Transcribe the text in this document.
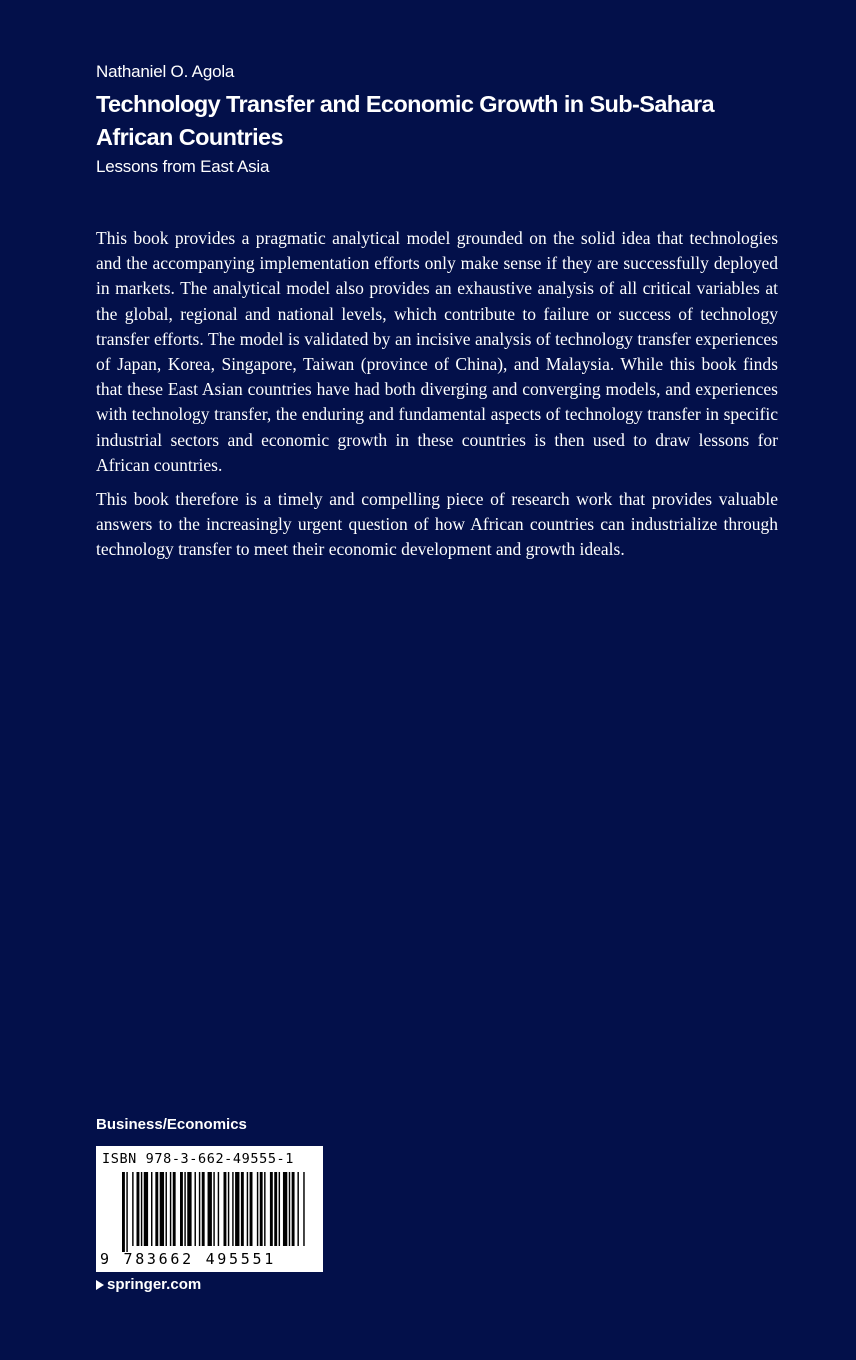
Nathaniel O. Agola
Technology Transfer and Economic Growth in Sub-Sahara African Countries
Lessons from East Asia

This book provides a pragmatic analytical model grounded on the solid idea that technologies and the accompanying implementation efforts only make sense if they are successfully deployed in markets. The analytical model also provides an exhaustive analysis of all critical variables at the global, regional and national levels, which contribute to failure or success of technology transfer efforts. The model is validated by an incisive analysis of technology transfer experiences of Japan, Korea, Singapore, Taiwan (province of China), and Malaysia. While this book finds that these East Asian countries have had both diverging and converging models, and experiences with technology transfer, the enduring and fundamental aspects of technology transfer in specific industrial sectors and economic growth in these countries is then used to draw lessons for African countries.

This book therefore is a timely and compelling piece of research work that provides valuable answers to the increasingly urgent question of how African countries can industrialize through technology transfer to meet their economic development and growth ideals.

Business/Economics
ISBN 978-3-662-49555-1
9 783662 495551
springer.com
